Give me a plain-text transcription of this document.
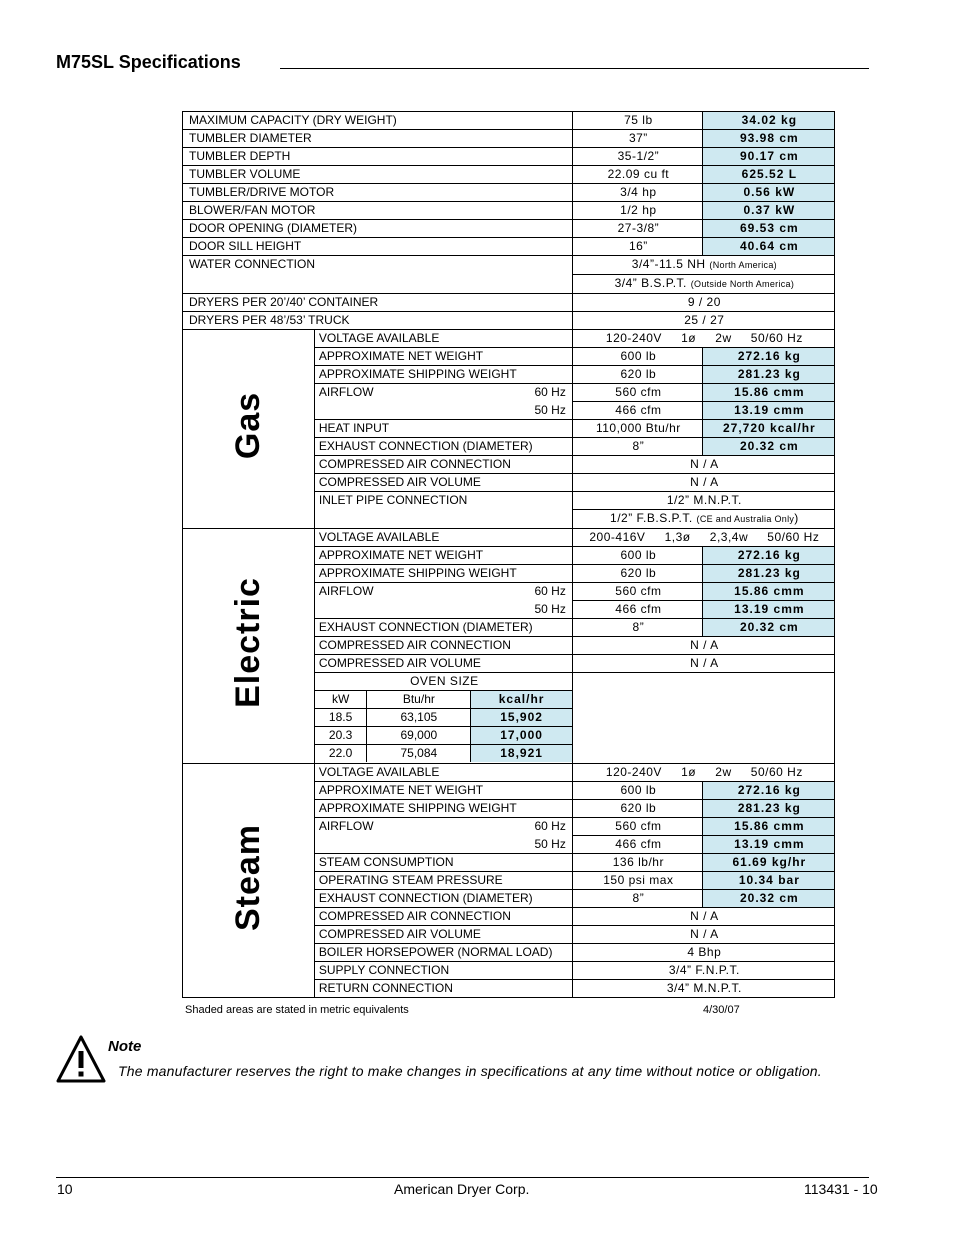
M75SL Specifications
MAXIMUM CAPACITY (DRY WEIGHT)	75 lb	34.02 kg
TUMBLER DIAMETER	37”	93.98 cm
TUMBLER DEPTH	35-1/2”	90.17 cm
TUMBLER VOLUME	22.09 cu ft	625.52 L
TUMBLER/DRIVE MOTOR	3/4 hp	0.56 kW
BLOWER/FAN MOTOR	1/2 hp	0.37 kW
DOOR OPENING (DIAMETER)	27-3/8”	69.53 cm
DOOR SILL HEIGHT	16”	40.64 cm
WATER CONNECTION	3/4”-11.5 NH (North America)
3/4” B.S.P.T. (Outside North America)
DRYERS PER 20’/40’ CONTAINER	9 / 20
DRYERS PER 48’/53’ TRUCK	25 / 27
Gas	VOLTAGE AVAILABLE	120-240V     1ø     2w     50/60 Hz
APPROXIMATE NET WEIGHT	600 lb	272.16 kg
APPROXIMATE SHIPPING WEIGHT	620 lb	281.23 kg
AIRFLOW	60 Hz	560 cfm	15.86 cmm

50 Hz	466 cfm	13.19 cmm
HEAT INPUT	110,000 Btu/hr	27,720 kcal/hr
EXHAUST CONNECTION (DIAMETER)	8”	20.32 cm
COMPRESSED AIR CONNECTION	N / A
COMPRESSED AIR VOLUME	N / A
INLET PIPE CONNECTION	1/2” M.N.P.T.
1/2” F.B.S.P.T. (CE and Australia Only)
Electric	VOLTAGE AVAILABLE	200-416V     1,3ø     2,3,4w     50/60 Hz
APPROXIMATE NET WEIGHT	600 lb	272.16 kg
APPROXIMATE SHIPPING WEIGHT	620 lb	281.23 kg
AIRFLOW	60 Hz	560 cfm	15.86 cmm

50 Hz	466 cfm	13.19 cmm
EXHAUST CONNECTION (DIAMETER)	8”	20.32 cm
COMPRESSED AIR CONNECTION	N / A
COMPRESSED AIR VOLUME	N / A
OVEN SIZE	

kW	Btu/hr	kcal/hr
18.5	63,105	15,902
20.3	69,000	17,000
22.0	75,084	18,921

Steam	VOLTAGE AVAILABLE	120-240V     1ø     2w     50/60 Hz
APPROXIMATE NET WEIGHT	600 lb	272.16 kg
APPROXIMATE SHIPPING WEIGHT	620 lb	281.23 kg
AIRFLOW	60 Hz	560 cfm	15.86 cmm

50 Hz	466 cfm	13.19 cmm
STEAM CONSUMPTION	136 lb/hr	61.69 kg/hr
OPERATING STEAM PRESSURE	150 psi max	10.34 bar
EXHAUST CONNECTION (DIAMETER)	8”	20.32 cm
COMPRESSED AIR CONNECTION	N / A
COMPRESSED AIR VOLUME	N / A
BOILER HORSEPOWER (NORMAL LOAD)	4 Bhp
SUPPLY CONNECTION	3/4” F.N.P.T.
RETURN CONNECTION	3/4” M.N.P.T.
Shaded areas are stated in metric equivalents	4/30/07
Note
The manufacturer reserves the right to make changes in specifications at any time without notice or obligation.
10	American Dryer Corp.	113431 - 10
